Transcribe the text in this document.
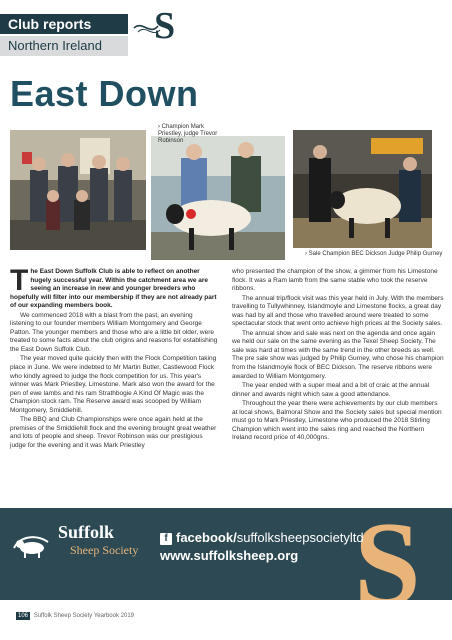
Club reports
Northern Ireland S
East Down
› Champion Mark Priestley, judge Trevor Robinson
› Sale Champion BEC Dickson Judge Philip Gurney

The East Down Suffolk Club is able to reflect on another hugely successful year. Within the catchment area we are seeing an increase in new and younger breeders who hopefully will filter into our membership if they are not already part of our expanding members book.

We commenced 2018 with a blast from the past, an evening listening to our founder members William Montgomery and George Patton. The younger members and those who are a little bit older, were treated to some facts about the club origins and reasons for establishing the East Down Suffolk Club.

The year moved quite quickly then with the Flock Competition taking place in June. We were indebted to Mr Martin Butler, Castlewood Flock who kindly agreed to judge the flock competition for us. This year's winner was Mark Priestley, Limestone. Mark also won the award for the pen of ewe lambs and his ram Strathbogie A Kind Of Magic was the Champion stock ram. The Reserve award was scooped by William Montgomery, Smiddiehill.

The BBQ and Club Championships were once again held at the premises of the Smiddiehill flock and the evening brought great weather and lots of people and sheep. Trevor Robinson was our prestigious judge for the evening and it was Mark Priestley

who presented the champion of the show, a gimmer from his Limestone flock. It was a Ram lamb from the same stable who took the reserve ribbons.

The annual trip/flock visit was this year held in July. With the members travelling to Tullywhinney, Islandmoyle and Limestone flocks, a great day was had by all and those who travelled around were treated to some spectacular stock that went onto achieve high prices at the Society sales.

The annual show and sale was next on the agenda and once again we held our sale on the same evening as the Texel Sheep Society. The sale was hard at times with the same trend in the other breeds as well. The pre sale show was judged by Philip Gurney, who chose his champion from the Islandmoyle flock of BEC Dickson. The reserve ribbons were awarded to William Montgomery.

The year ended with a super meal and a bit of craic at the annual dinner and awards night which saw a good attendance.

Throughout the year there were achievements by our club members at local shows, Balmoral Show and the Society sales but special mention must go to Mark Priestley, Limestone who produced the 2018 Stirling Champion which went into the sales ring and reached the Northern Ireland record price of 40,000gns.

S
Suffolk
Sheep Society
f facebook/suffolksheepsocietyltd
www.suffolksheep.org
106 Suffolk Sheep Society Yearbook 2019
